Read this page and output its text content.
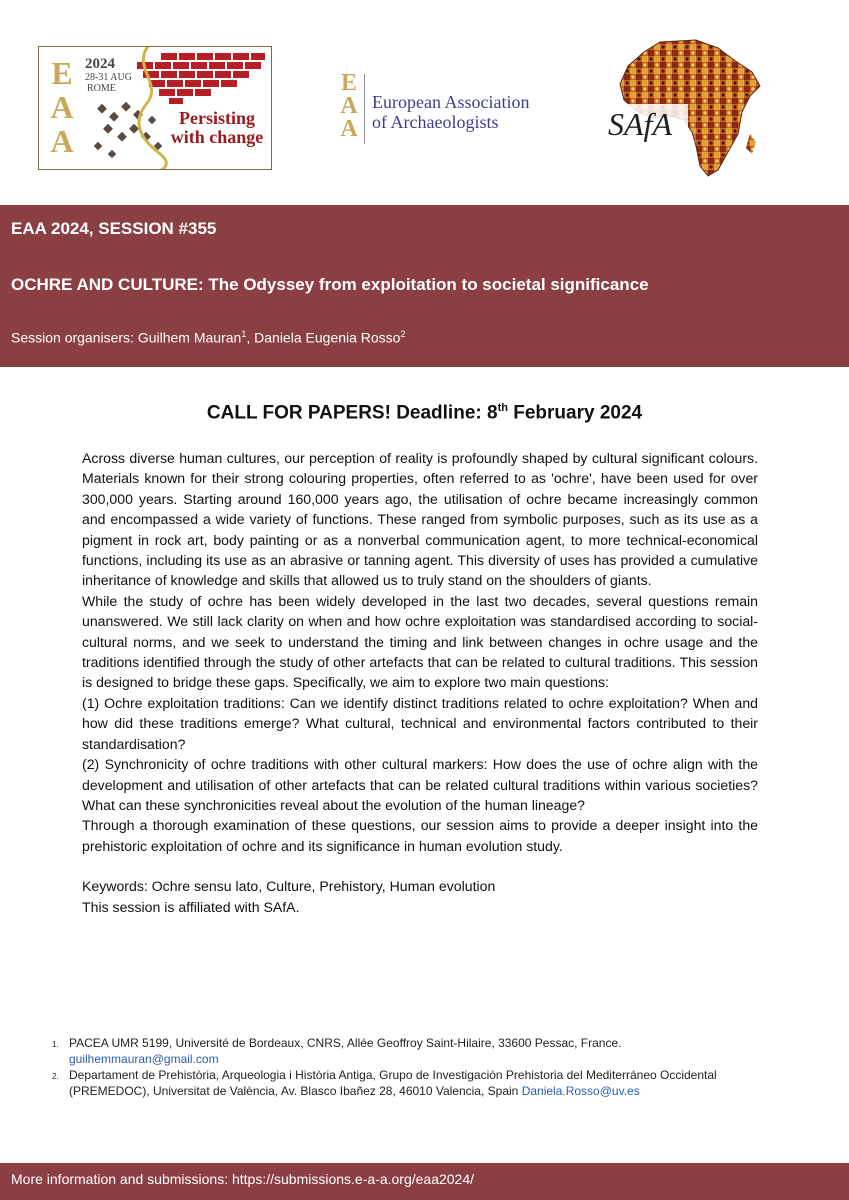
EAA 2024
28-31 AUG
ROME
Persisting with change	EAA European Association
of Archaeologists	SAfA
EAA 2024, SESSION #355
OCHRE AND CULTURE: The Odyssey from exploitation to societal significance
Session organisers: Guilhem Mauran$^1$, Daniela Eugenia Rosso$^2$
CALL FOR PAPERS! Deadline: 8th February 2024

Across diverse human cultures, our perception of reality is profoundly shaped by cultural significant colours. Materials known for their strong colouring properties, often referred to as 'ochre', have been used for over 300,000 years. Starting around 160,000 years ago, the utilisation of ochre became increasingly common and encompassed a wide variety of functions. These ranged from symbolic purposes, such as its use as a pigment in rock art, body painting or as a nonverbal communication agent, to more technical-economical functions, including its use as an abrasive or tanning agent. This diversity of uses has provided a cumulative inheritance of knowledge and skills that allowed us to truly stand on the shoulders of giants.

While the study of ochre has been widely developed in the last two decades, several questions remain unanswered. We still lack clarity on when and how ochre exploitation was standardised according to social-cultural norms, and we seek to understand the timing and link between changes in ochre usage and the traditions identified through the study of other artefacts that can be related to cultural traditions. This session is designed to bridge these gaps. Specifically, we aim to explore two main questions:

(1) Ochre exploitation traditions: Can we identify distinct traditions related to ochre exploitation? When and how did these traditions emerge? What cultural, technical and environmental factors contributed to their standardisation?

(2) Synchronicity of ochre traditions with other cultural markers: How does the use of ochre align with the development and utilisation of other artefacts that can be related cultural traditions within various societies? What can these synchronicities reveal about the evolution of the human lineage?

Through a thorough examination of these questions, our session aims to provide a deeper insight into the prehistoric exploitation of ochre and its significance in human evolution study.

Keywords: Ochre sensu lato, Culture, Prehistory, Human evolution

This session is affiliated with SAfA.

1. PACEA UMR 5199, Université de Bordeaux, CNRS, Allée Geoffroy Saint-Hilaire, 33600 Pessac, France.
guilhemmauran@gmail.com
2. Departament de Prehistòria, Arqueologia i Història Antiga, Grupo de Investigación Prehistoria del Mediterráneo Occidental (PREMEDOC), Universitat de València, Av. Blasco Ibañez 28, 46010 Valencia, Spain Daniela.Rosso@uv.es
More information and submissions: https://submissions.e-a-a.org/eaa2024/
